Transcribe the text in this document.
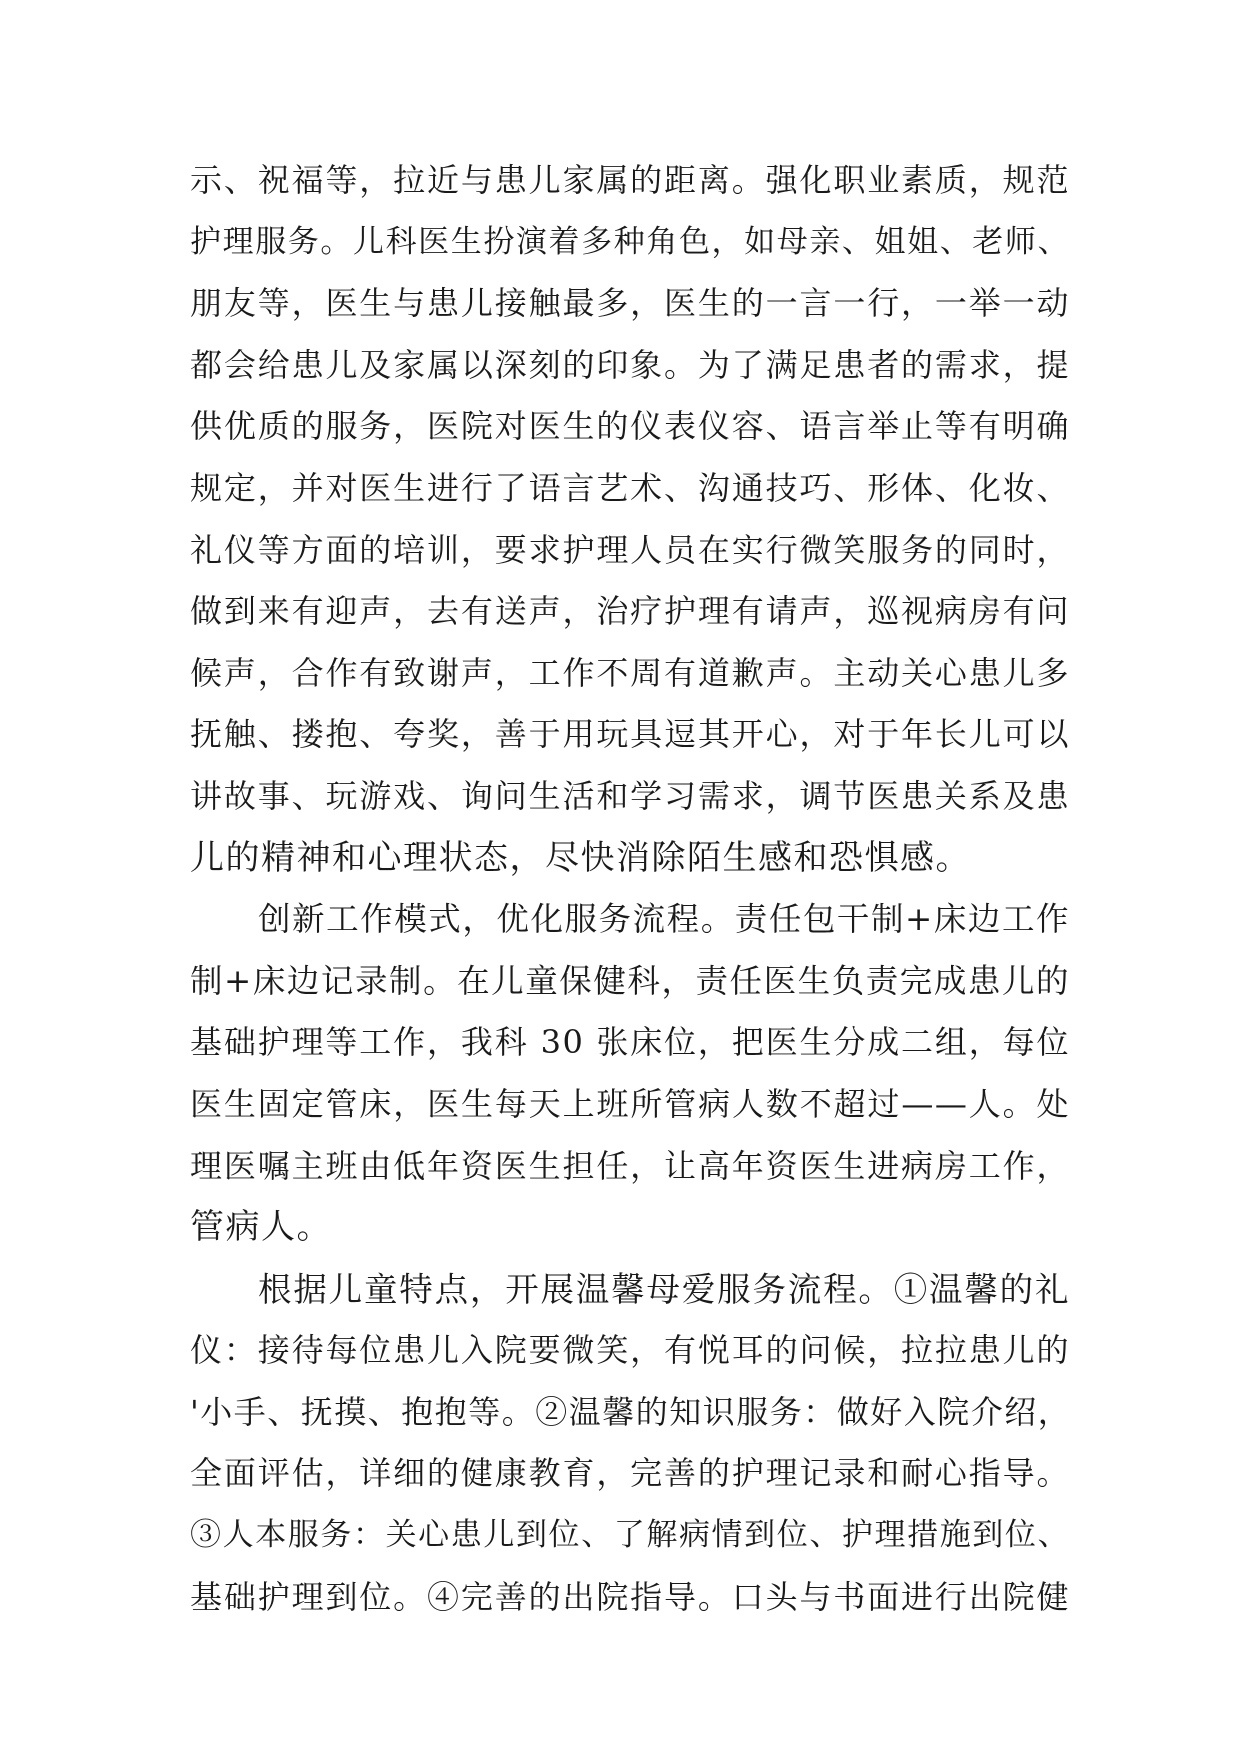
示、祝福等，拉近与患儿家属的距离。强化职业素质，规范
护理服务。儿科医生扮演着多种角色，如母亲、姐姐、老师、
朋友等，医生与患儿接触最多，医生的一言一行，一举一动
都会给患儿及家属以深刻的印象。为了满足患者的需求，提
供优质的服务，医院对医生的仪表仪容、语言举止等有明确
规定，并对医生进行了语言艺术、沟通技巧、形体、化妆、
礼仪等方面的培训，要求护理人员在实行微笑服务的同时，
做到来有迎声，去有送声，治疗护理有请声，巡视病房有问
候声，合作有致谢声，工作不周有道歉声。主动关心患儿多
抚触、搂抱、夸奖，善于用玩具逗其开心，对于年长儿可以
讲故事、玩游戏、询问生活和学习需求，调节医患关系及患
儿的精神和心理状态，尽快消除陌生感和恐惧感。
创新工作模式，优化服务流程。责任包干制+床边工作
制+床边记录制。在儿童保健科，责任医生负责完成患儿的
基础护理等工作，我科 30 张床位，把医生分成二组，每位
医生固定管床，医生每天上班所管病人数不超过——人。处
理医嘱主班由低年资医生担任，让高年资医生进病房工作，
管病人。
根据儿童特点，开展温馨母爱服务流程。①温馨的礼
仪：接待每位患儿入院要微笑，有悦耳的问候，拉拉患儿的
'小手、抚摸、抱抱等。②温馨的知识服务：做好入院介绍，
全面评估，详细的健康教育，完善的护理记录和耐心指导。
③人本服务：关心患儿到位、了解病情到位、护理措施到位、
基础护理到位。④完善的出院指导。口头与书面进行出院健
